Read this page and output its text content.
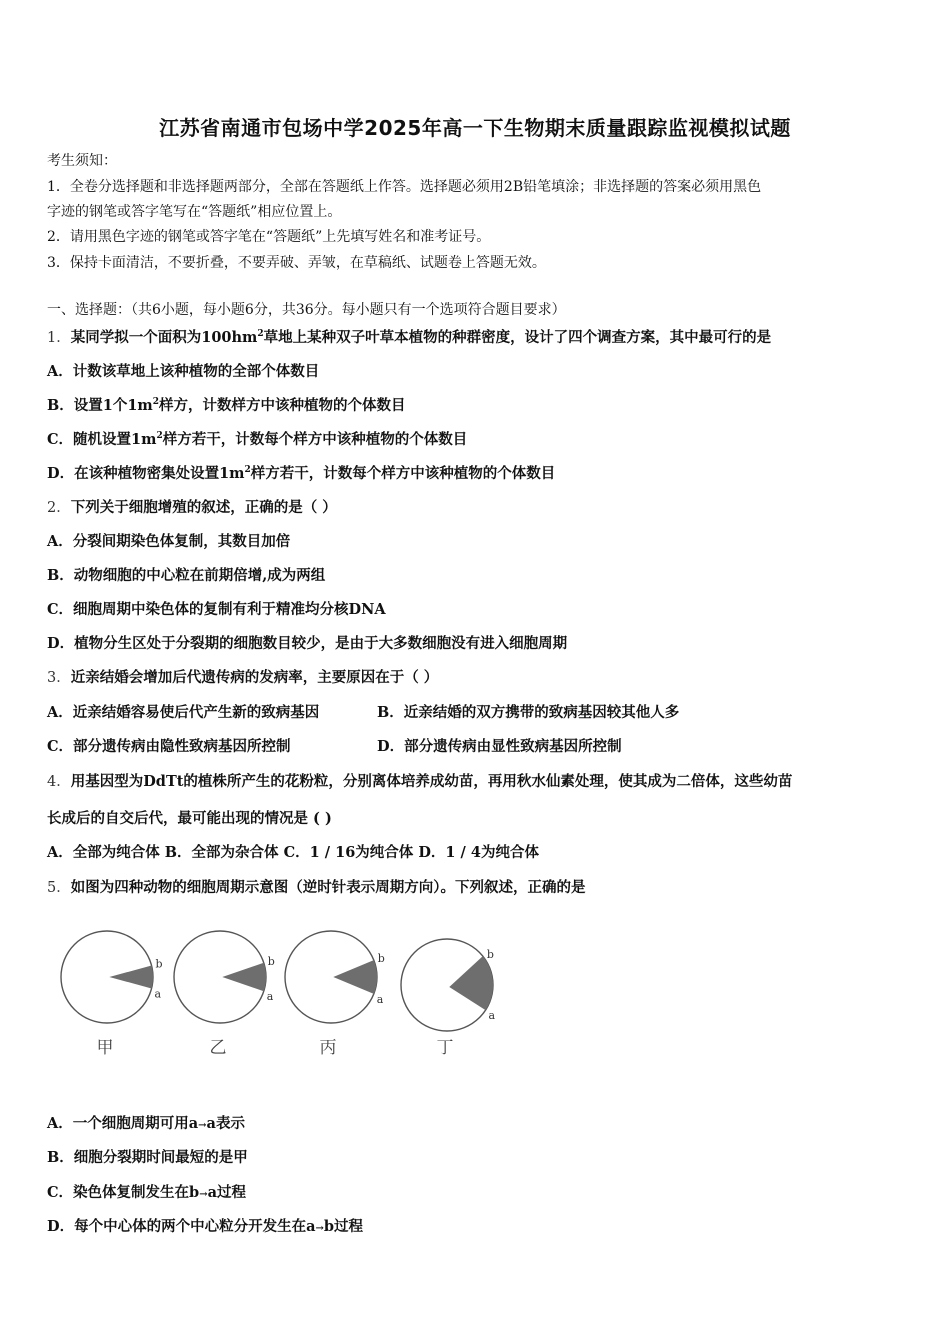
江苏省南通市包场中学2025年高一下生物期末质量跟踪监视模拟试题
考生须知：
1．全卷分选择题和非选择题两部分，全部在答题纸上作答。选择题必须用2B铅笔填涂；非选择题的答案必须用黑色
字迹的钢笔或答字笔写在“答题纸”相应位置上。
2．请用黑色字迹的钢笔或答字笔在“答题纸”上先填写姓名和准考证号。
3．保持卡面清洁，不要折叠，不要弄破、弄皱，在草稿纸、试题卷上答题无效。
一、选择题：（共6小题，每小题6分，共36分。每小题只有一个选项符合题目要求）
1．某同学拟一个面积为$100hm^2$草地上某种双子叶草本植物的种群密度，设计了四个调查方案，其中最可行的是
A．计数该草地上该种植物的全部个体数目
B．设置1个$1m^2$样方，计数样方中该种植物的个体数目
C．随机设置$1m^2$样方若干，计数每个样方中该种植物的个体数目
D．在该种植物密集处设置$1m^2$样方若干，计数每个样方中该种植物的个体数目
2．下列关于细胞增殖的叙述，正确的是（ ）
A．分裂间期染色体复制，其数目加倍
B．动物细胞的中心粒在前期倍增,成为两组
C．细胞周期中染色体的复制有利于精准均分核DNA
D．植物分生区处于分裂期的细胞数目较少，是由于大多数细胞没有进入细胞周期
3．近亲结婚会增加后代遗传病的发病率，主要原因在于（ ）
A．近亲结婚容易使后代产生新的致病基因	B．近亲结婚的双方携带的致病基因较其他人多
C．部分遗传病由隐性致病基因所控制	D．部分遗传病由显性致病基因所控制
4．用基因型为DdTt的植株所产生的花粉粒，分别离体培养成幼苗，再用秋水仙素处理，使其成为二倍体，这些幼苗
长成后的自交后代，最可能出现的情况是 ( )
A．全部为纯合体 B．全部为杂合体 C．1 / 16为纯合体 D．1 / 4为纯合体
5．如图为四种动物的细胞周期示意图（逆时针表示周期方向）。下列叙述，正确的是
b
a
甲
b
a
乙
b
a
丙
b
a
丁
A．一个细胞周期可用a→a表示
B．细胞分裂期时间最短的是甲
C．染色体复制发生在b→a过程
D．每个中心体的两个中心粒分开发生在a→b过程
